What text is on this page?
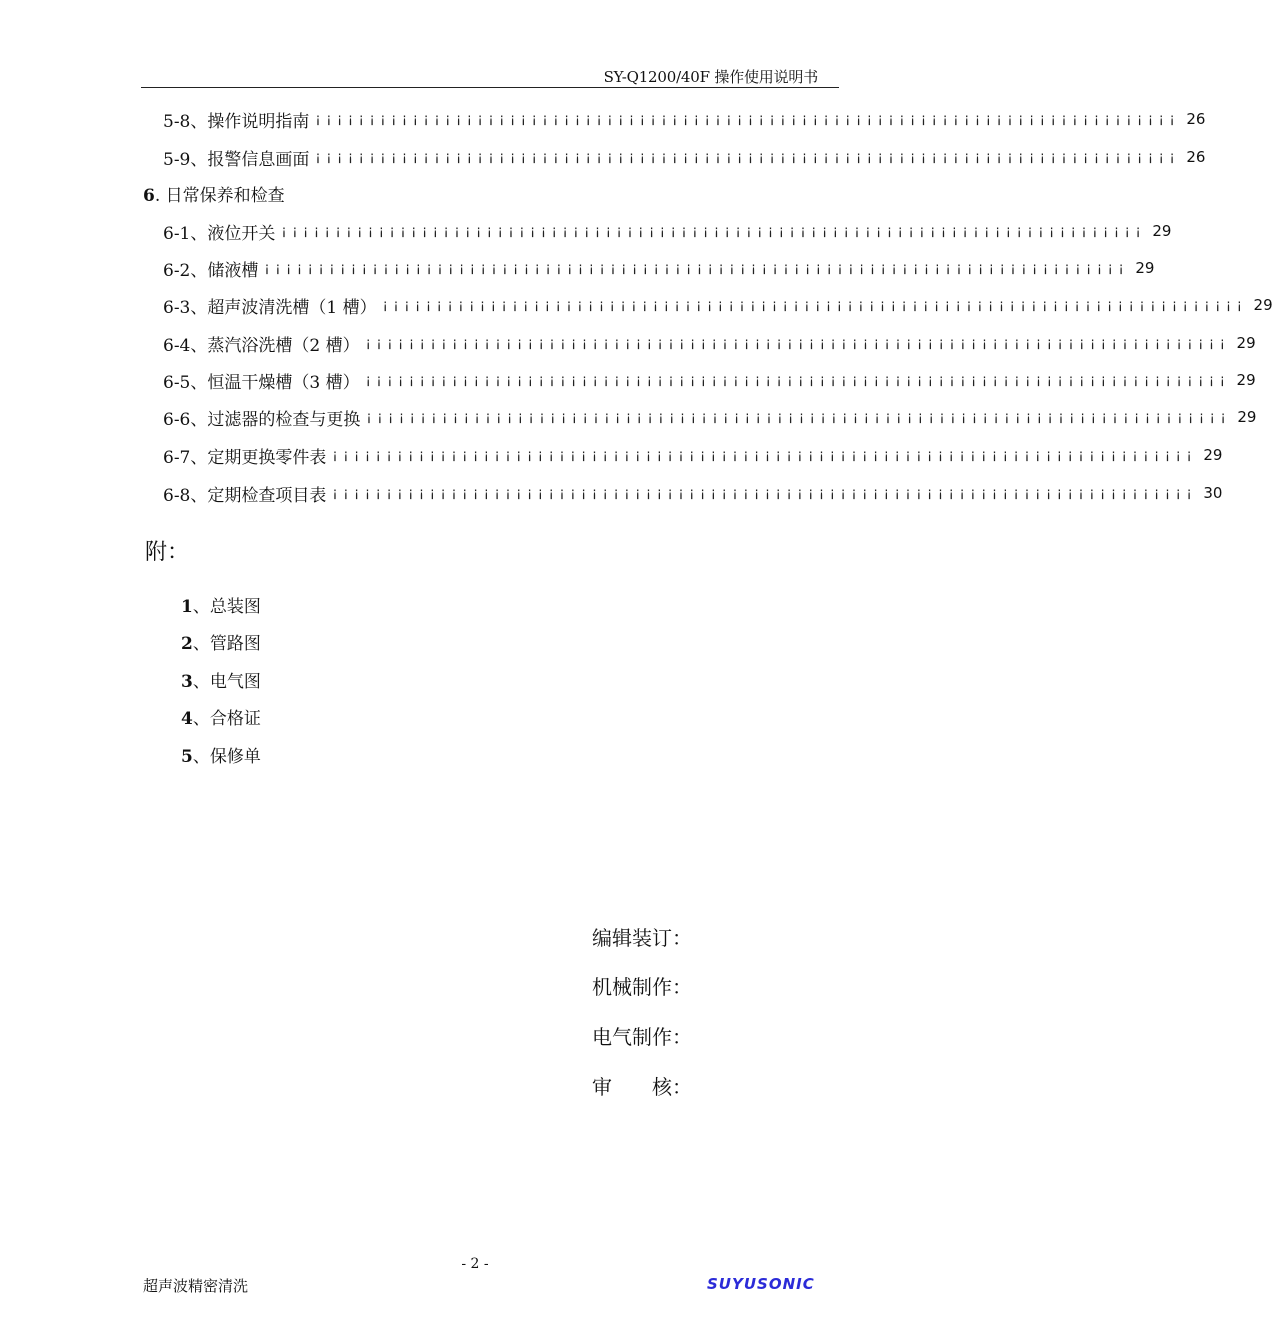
SY-Q1200/40F 操作使用说明书
5-8、操作说明指南 ¡¡¡¡¡¡¡¡¡¡¡¡¡¡¡¡¡¡¡¡¡¡¡¡¡¡¡¡¡¡¡¡¡¡¡¡¡¡¡¡¡¡¡¡¡¡¡¡¡¡¡¡¡¡¡¡¡¡¡¡¡¡¡¡¡¡¡¡¡¡¡¡¡¡¡¡¡¡¡¡ 26
5-9、报警信息画面 ¡¡¡¡¡¡¡¡¡¡¡¡¡¡¡¡¡¡¡¡¡¡¡¡¡¡¡¡¡¡¡¡¡¡¡¡¡¡¡¡¡¡¡¡¡¡¡¡¡¡¡¡¡¡¡¡¡¡¡¡¡¡¡¡¡¡¡¡¡¡¡¡¡¡¡¡¡¡¡¡ 26
6. 日常保养和检查
6-1、液位开关 ¡¡¡¡¡¡¡¡¡¡¡¡¡¡¡¡¡¡¡¡¡¡¡¡¡¡¡¡¡¡¡¡¡¡¡¡¡¡¡¡¡¡¡¡¡¡¡¡¡¡¡¡¡¡¡¡¡¡¡¡¡¡¡¡¡¡¡¡¡¡¡¡¡¡¡¡¡¡¡¡ 29
6-2、储液槽 ¡¡¡¡¡¡¡¡¡¡¡¡¡¡¡¡¡¡¡¡¡¡¡¡¡¡¡¡¡¡¡¡¡¡¡¡¡¡¡¡¡¡¡¡¡¡¡¡¡¡¡¡¡¡¡¡¡¡¡¡¡¡¡¡¡¡¡¡¡¡¡¡¡¡¡¡¡¡¡¡ 29
6-3、超声波清洗槽（1 槽） ¡¡¡¡¡¡¡¡¡¡¡¡¡¡¡¡¡¡¡¡¡¡¡¡¡¡¡¡¡¡¡¡¡¡¡¡¡¡¡¡¡¡¡¡¡¡¡¡¡¡¡¡¡¡¡¡¡¡¡¡¡¡¡¡¡¡¡¡¡¡¡¡¡¡¡¡¡¡¡¡ 29
6-4、蒸汽浴洗槽（2 槽） ¡¡¡¡¡¡¡¡¡¡¡¡¡¡¡¡¡¡¡¡¡¡¡¡¡¡¡¡¡¡¡¡¡¡¡¡¡¡¡¡¡¡¡¡¡¡¡¡¡¡¡¡¡¡¡¡¡¡¡¡¡¡¡¡¡¡¡¡¡¡¡¡¡¡¡¡¡¡¡¡ 29
6-5、恒温干燥槽（3 槽） ¡¡¡¡¡¡¡¡¡¡¡¡¡¡¡¡¡¡¡¡¡¡¡¡¡¡¡¡¡¡¡¡¡¡¡¡¡¡¡¡¡¡¡¡¡¡¡¡¡¡¡¡¡¡¡¡¡¡¡¡¡¡¡¡¡¡¡¡¡¡¡¡¡¡¡¡¡¡¡¡ 29
6-6、过滤器的检查与更换 ¡¡¡¡¡¡¡¡¡¡¡¡¡¡¡¡¡¡¡¡¡¡¡¡¡¡¡¡¡¡¡¡¡¡¡¡¡¡¡¡¡¡¡¡¡¡¡¡¡¡¡¡¡¡¡¡¡¡¡¡¡¡¡¡¡¡¡¡¡¡¡¡¡¡¡¡¡¡¡¡ 29
6-7、定期更换零件表 ¡¡¡¡¡¡¡¡¡¡¡¡¡¡¡¡¡¡¡¡¡¡¡¡¡¡¡¡¡¡¡¡¡¡¡¡¡¡¡¡¡¡¡¡¡¡¡¡¡¡¡¡¡¡¡¡¡¡¡¡¡¡¡¡¡¡¡¡¡¡¡¡¡¡¡¡¡¡¡¡ 29
6-8、定期检查项目表 ¡¡¡¡¡¡¡¡¡¡¡¡¡¡¡¡¡¡¡¡¡¡¡¡¡¡¡¡¡¡¡¡¡¡¡¡¡¡¡¡¡¡¡¡¡¡¡¡¡¡¡¡¡¡¡¡¡¡¡¡¡¡¡¡¡¡¡¡¡¡¡¡¡¡¡¡¡¡¡¡ 30
附：
1、总装图
2、管路图
3、电气图
4、合格证
5、保修单
编辑装订：
机械制作：
电气制作：
审　　核：
- 2 -
超声波精密清洗	SUYUSONIC
